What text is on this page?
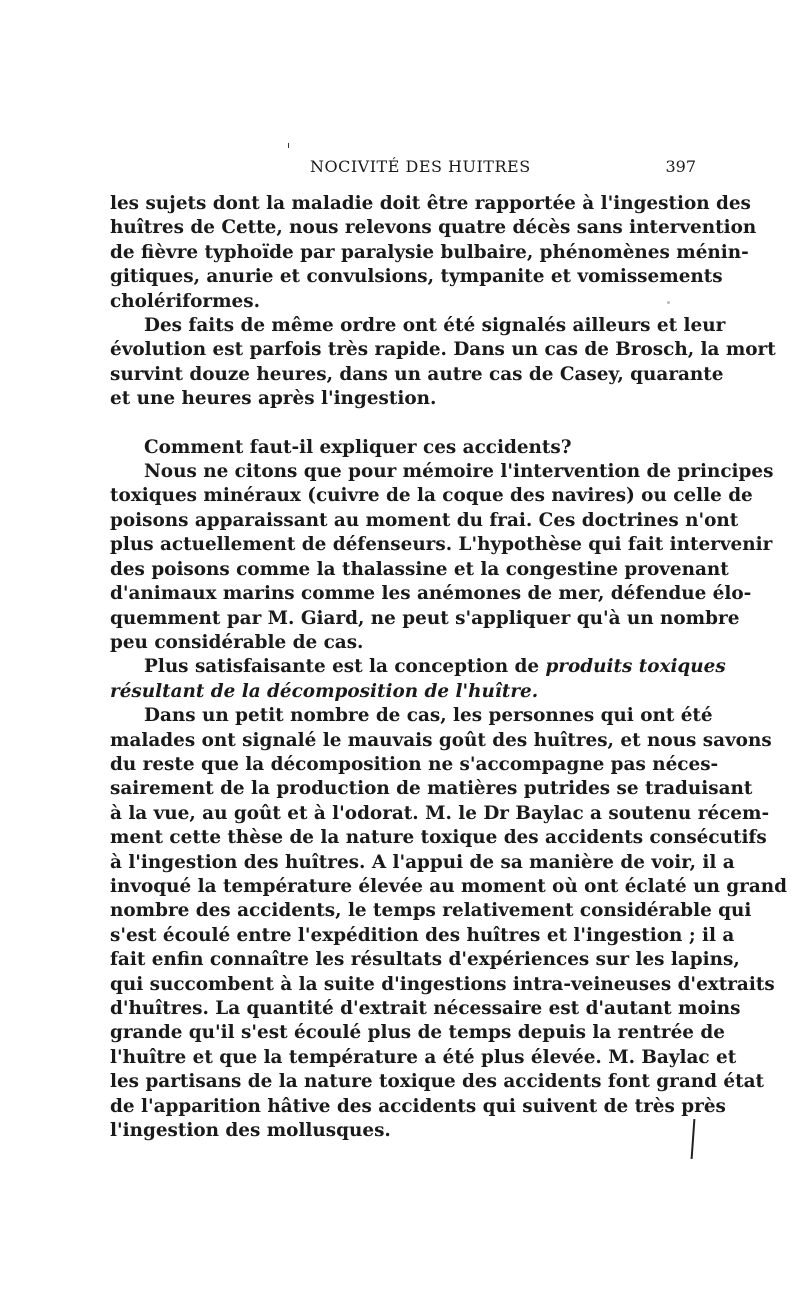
NOCIVITÉ DES HUITRES	397
les sujets dont la maladie doit être rapportée à l'ingestion des
huîtres de Cette, nous relevons quatre décès sans intervention
de fièvre typhoïde par paralysie bulbaire, phénomènes ménin-
gitiques, anurie et convulsions, tympanite et vomissements
cholériformes.
Des faits de même ordre ont été signalés ailleurs et leur
évolution est parfois très rapide. Dans un cas de Brosch, la mort
survint douze heures, dans un autre cas de Casey, quarante
et une heures après l'ingestion.
Comment faut-il expliquer ces accidents?
Nous ne citons que pour mémoire l'intervention de principes
toxiques minéraux (cuivre de la coque des navires) ou celle de
poisons apparaissant au moment du frai. Ces doctrines n'ont
plus actuellement de défenseurs. L'hypothèse qui fait intervenir
des poisons comme la thalassine et la congestine provenant
d'animaux marins comme les anémones de mer, défendue élo-
quemment par M. Giard, ne peut s'appliquer qu'à un nombre
peu considérable de cas.
Plus satisfaisante est la conception de produits toxiques
résultant de la décomposition de l'huître.
Dans un petit nombre de cas, les personnes qui ont été
malades ont signalé le mauvais goût des huîtres, et nous savons
du reste que la décomposition ne s'accompagne pas néces-
sairement de la production de matières putrides se traduisant
à la vue, au goût et à l'odorat. M. le Dr Baylac a soutenu récem-
ment cette thèse de la nature toxique des accidents consécutifs
à l'ingestion des huîtres. A l'appui de sa manière de voir, il a
invoqué la température élevée au moment où ont éclaté un grand
nombre des accidents, le temps relativement considérable qui
s'est écoulé entre l'expédition des huîtres et l'ingestion ; il a
fait enfin connaître les résultats d'expériences sur les lapins,
qui succombent à la suite d'ingestions intra-veineuses d'extraits
d'huîtres. La quantité d'extrait nécessaire est d'autant moins
grande qu'il s'est écoulé plus de temps depuis la rentrée de
l'huître et que la température a été plus élevée. M. Baylac et
les partisans de la nature toxique des accidents font grand état
de l'apparition hâtive des accidents qui suivent de très près
l'ingestion des mollusques.
